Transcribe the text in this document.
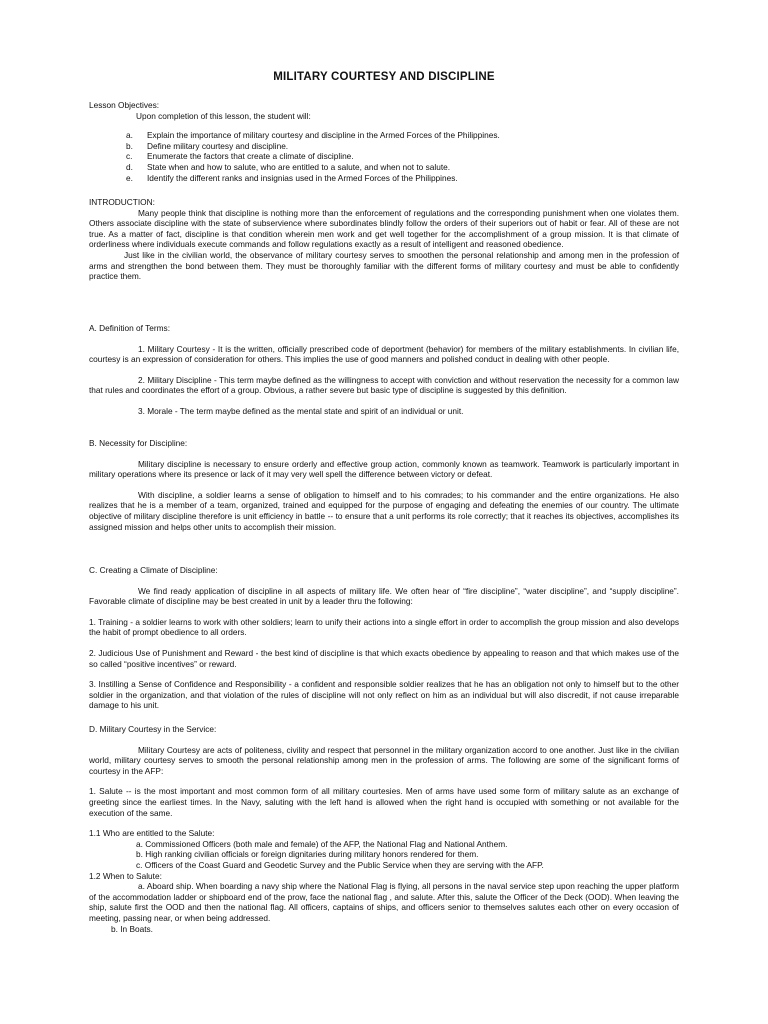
MILITARY COURTESY AND DISCIPLINE
Lesson Objectives:
Upon completion of this lesson, the student will:
a. Explain the importance of military courtesy and discipline in the Armed Forces of the Philippines.
b. Define military courtesy and discipline.
c. Enumerate the factors that create a climate of discipline.
d. State when and how to salute, who are entitled to a salute, and when not to salute.
e. Identify the different ranks and insignias used in the Armed Forces of the Philippines.
INTRODUCTION:

Many people think that discipline is nothing more than the enforcement of regulations and the corresponding punishment when one violates them. Others associate discipline with the state of subservience where subordinates blindly follow the orders of their superiors out of habit or fear. All of these are not true. As a matter of fact, discipline is that condition wherein men work and get well together for the accomplishment of a group mission. It is that climate of orderliness where individuals execute commands and follow regulations exactly as a result of intelligent and reasoned obedience.

Just like in the civilian world, the observance of military courtesy serves to smoothen the personal relationship and among men in the profession of arms and strengthen the bond between them. They must be thoroughly familiar with the different forms of military courtesy and must be able to confidently practice them.

A. Definition of Terms:

1. Military Courtesy - It is the written, officially prescribed code of deportment (behavior) for members of the military establishments. In civilian life, courtesy is an expression of consideration for others. This implies the use of good manners and polished conduct in dealing with other people.

2. Military Discipline - This term maybe defined as the willingness to accept with conviction and without reservation the necessity for a common law that rules and coordinates the effort of a group. Obvious, a rather severe but basic type of discipline is suggested by this definition.

3. Morale - The term maybe defined as the mental state and spirit of an individual or unit.

B. Necessity for Discipline:

Military discipline is necessary to ensure orderly and effective group action, commonly known as teamwork. Teamwork is particularly important in military operations where its presence or lack of it may very well spell the difference between victory or defeat.

With discipline, a soldier learns a sense of obligation to himself and to his comrades; to his commander and the entire organizations. He also realizes that he is a member of a team, organized, trained and equipped for the purpose of engaging and defeating the enemies of our country. The ultimate objective of military discipline therefore is unit efficiency in battle -- to ensure that a unit performs its role correctly; that it reaches its objectives, accomplishes its assigned mission and helps other units to accomplish their mission.

C. Creating a Climate of Discipline:

We find ready application of discipline in all aspects of military life. We often hear of “fire discipline”, “water discipline”, and “supply discipline”. Favorable climate of discipline may be best created in unit by a leader thru the following:

1. Training - a soldier learns to work with other soldiers; learn to unify their actions into a single effort in order to accomplish the group mission and also develops the habit of prompt obedience to all orders.

2. Judicious Use of Punishment and Reward - the best kind of discipline is that which exacts obedience by appealing to reason and that which makes use of the so called “positive incentives” or reward.

3. Instilling a Sense of Confidence and Responsibility - a confident and responsible soldier realizes that he has an obligation not only to himself but to the other soldier in the organization, and that violation of the rules of discipline will not only reflect on him as an individual but will also discredit, if not cause irreparable damage to his unit.

D. Military Courtesy in the Service:

Military Courtesy are acts of politeness, civility and respect that personnel in the military organization accord to one another. Just like in the civilian world, military courtesy serves to smooth the personal relationship among men in the profession of arms. The following are some of the significant forms of courtesy in the AFP:

1. Salute -- is the most important and most common form of all military courtesies. Men of arms have used some form of military salute as an exchange of greeting since the earliest times. In the Navy, saluting with the left hand is allowed when the right hand is occupied with something or not available for the execution of the same.

1.1 Who are entitled to the Salute:
a. Commissioned Officers (both male and female) of the AFP, the National Flag and National Anthem.
b. High ranking civilian officials or foreign dignitaries during military honors rendered for them.
c. Officers of the Coast Guard and Geodetic Survey and the Public Service when they are serving with the AFP.
1.2 When to Salute:

a. Aboard ship. When boarding a navy ship where the National Flag is flying, all persons in the naval service step upon reaching the upper platform of the accommodation ladder or shipboard end of the prow, face the national flag , and salute. After this, salute the Officer of the Deck (OOD). When leaving the ship, salute first the OOD and then the national flag. All officers, captains of ships, and officers senior to themselves salutes each other on every occasion of meeting, passing near, or when being addressed.

b. In Boats.
